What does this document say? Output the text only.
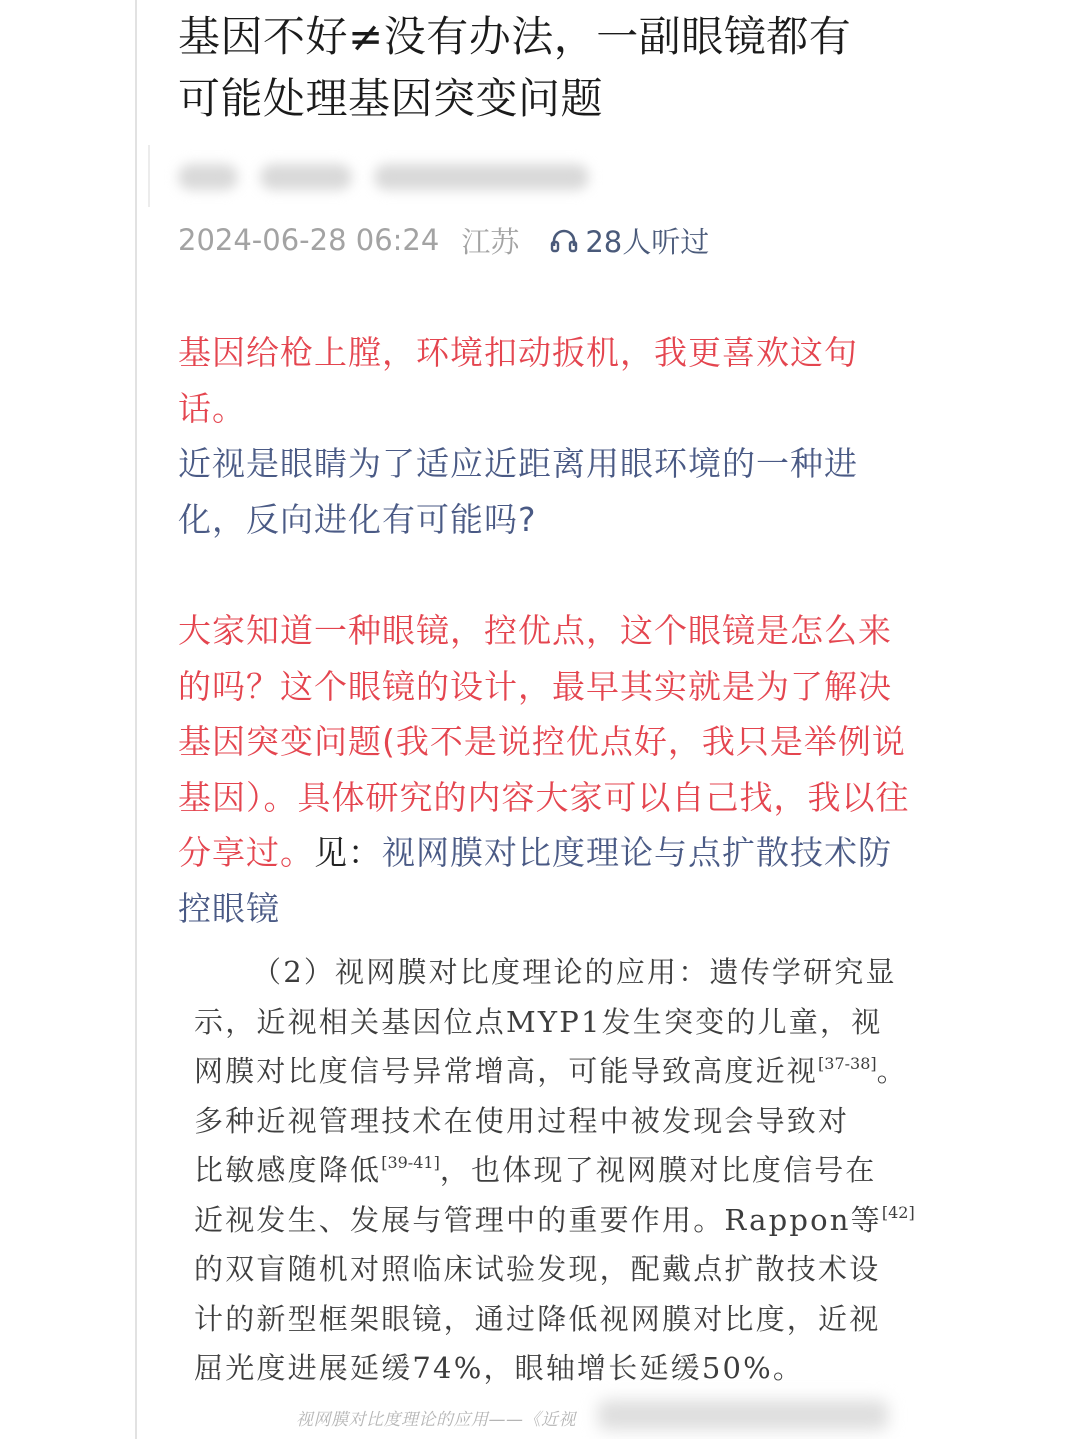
基因不好≠没有办法，一副眼镜都有
可能处理基因突变问题
2024-06-28 06:24 江苏 28人听过

基因给枪上膛，环境扣动扳机，我更喜欢这句话。

近视是眼睛为了适应近距离用眼环境的一种进化，反向进化有可能吗?

大家知道一种眼镜，控优点，这个眼镜是怎么来的吗？这个眼镜的设计，最早其实就是为了解决基因突变问题(我不是说控优点好，我只是举例说基因）。具体研究的内容大家可以自己找，我以往分享过。见：视网膜对比度理论与点扩散技术防控眼镜

（2）视网膜对比度理论的应用：遗传学研究显
示，近视相关基因位点MYP1发生突变的儿童，视
网膜对比度信号异常增高，可能导致高度近视[37-38]。
多种近视管理技术在使用过程中被发现会导致对
比敏感度降低[39-41]，也体现了视网膜对比度信号在
近视发生、发展与管理中的重要作用。Rappon等[42]
的双盲随机对照临床试验发现，配戴点扩散技术设
计的新型框架眼镜，通过降低视网膜对比度，近视
屈光度进展延缓74%，眼轴增长延缓50%。
视网膜对比度理论的应用——《近视
